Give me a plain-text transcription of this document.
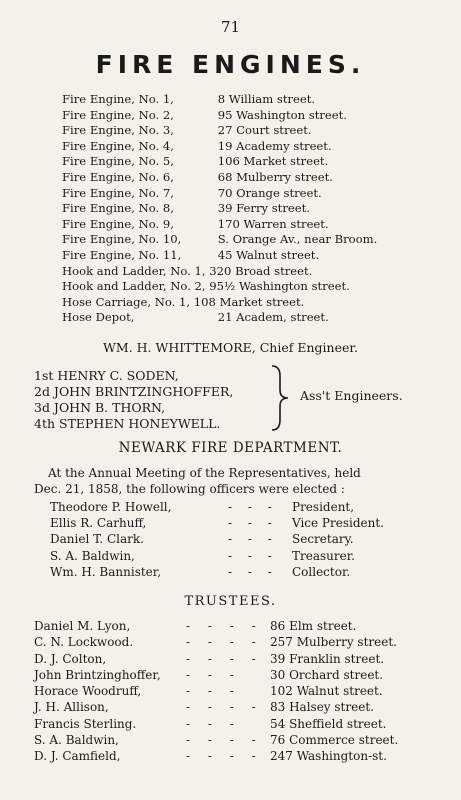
71
FIRE ENGINES.
Fire Engine, No. 1,	8 William street.
Fire Engine, No. 2,	95 Washington street.
Fire Engine, No. 3,	27 Court street.
Fire Engine, No. 4,	19 Academy street.
Fire Engine, No. 5,	106 Market street.
Fire Engine, No. 6,	68 Mulberry street.
Fire Engine, No. 7,	70 Orange street.
Fire Engine, No. 8,	39 Ferry street.
Fire Engine, No. 9,	170 Warren street.
Fire Engine, No. 10,	S. Orange Av., near Broom.
Fire Engine, No. 11,	45 Walnut street.
Hook and Ladder, No. 1, 320 Broad street.
Hook and Ladder, No. 2, 95½ Washington street.
Hose Carriage, No. 1, 108 Market street.
Hose Depot,	21 Academ, street.
WM. H. WHITTEMORE, Chief Engineer.
1st HENRY C. SODEN,
2d JOHN BRINTZINGHOFFER,
3d JOHN B. THORN,
4th STEPHEN HONEYWELL.
Ass't Engineers.
NEWARK FIRE DEPARTMENT.
At the Annual Meeting of the Representatives, held
Dec. 21, 1858, the following officers were elected :
Theodore P. Howell,	- - - President,
Ellis R. Carhuff,	- - - Vice President.
Daniel T. Clark.	- - - Secretary.
S. A. Baldwin,	- - - Treasurer.
Wm. H. Bannister,	- - - Collector.
TRUSTEES.
Daniel M. Lyon,	- - - - 86 Elm street.
C. N. Lockwood.	- - - - 257 Mulberry street.
D. J. Colton,	- - - - 39 Franklin street.
John Brintzinghoffer, - - - 30 Orchard street.
Horace Woodruff,	- - - 102 Walnut street.
J. H. Allison,	- - - - 83 Halsey street.
Francis Sterling.	- - - 54 Sheffield street.
S. A. Baldwin,	- - - - 76 Commerce street.
D. J. Camfield,	- - - - 247 Washington-st.
